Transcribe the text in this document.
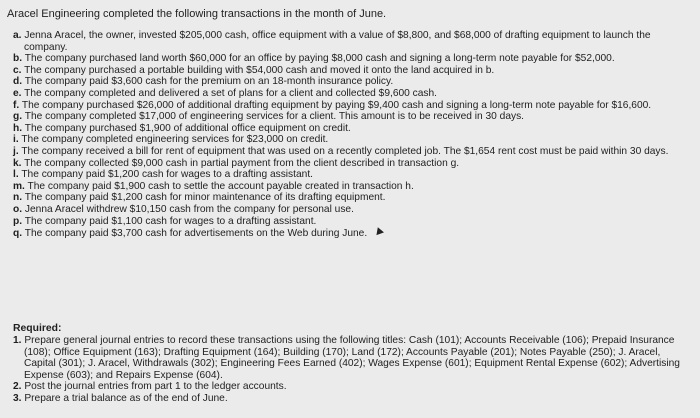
Aracel Engineering completed the following transactions in the month of June.
a. Jenna Aracel, the owner, invested $205,000 cash, office equipment with a value of $8,800, and $68,000 of drafting equipment to launch the company.
b. The company purchased land worth $60,000 for an office by paying $8,000 cash and signing a long-term note payable for $52,000.
c. The company purchased a portable building with $54,000 cash and moved it onto the land acquired in b.
d. The company paid $3,600 cash for the premium on an 18-month insurance policy.
e. The company completed and delivered a set of plans for a client and collected $9,600 cash.
f. The company purchased $26,000 of additional drafting equipment by paying $9,400 cash and signing a long-term note payable for $16,600.
g. The company completed $17,000 of engineering services for a client. This amount is to be received in 30 days.
h. The company purchased $1,900 of additional office equipment on credit.
i. The company completed engineering services for $23,000 on credit.
j. The company received a bill for rent of equipment that was used on a recently completed job. The $1,654 rent cost must be paid within 30 days.
k. The company collected $9,000 cash in partial payment from the client described in transaction g.
l. The company paid $1,200 cash for wages to a drafting assistant.
m. The company paid $1,900 cash to settle the account payable created in transaction h.
n. The company paid $1,200 cash for minor maintenance of its drafting equipment.
o. Jenna Aracel withdrew $10,150 cash from the company for personal use.
p. The company paid $1,100 cash for wages to a drafting assistant.
q. The company paid $3,700 cash for advertisements on the Web during June.
Required:
1. Prepare general journal entries to record these transactions using the following titles: Cash (101); Accounts Receivable (106); Prepaid Insurance (108); Office Equipment (163); Drafting Equipment (164); Building (170); Land (172); Accounts Payable (201); Notes Payable (250); J. Aracel, Capital (301); J. Aracel, Withdrawals (302); Engineering Fees Earned (402); Wages Expense (601); Equipment Rental Expense (602); Advertising Expense (603); and Repairs Expense (604).
2. Post the journal entries from part 1 to the ledger accounts.
3. Prepare a trial balance as of the end of June.
